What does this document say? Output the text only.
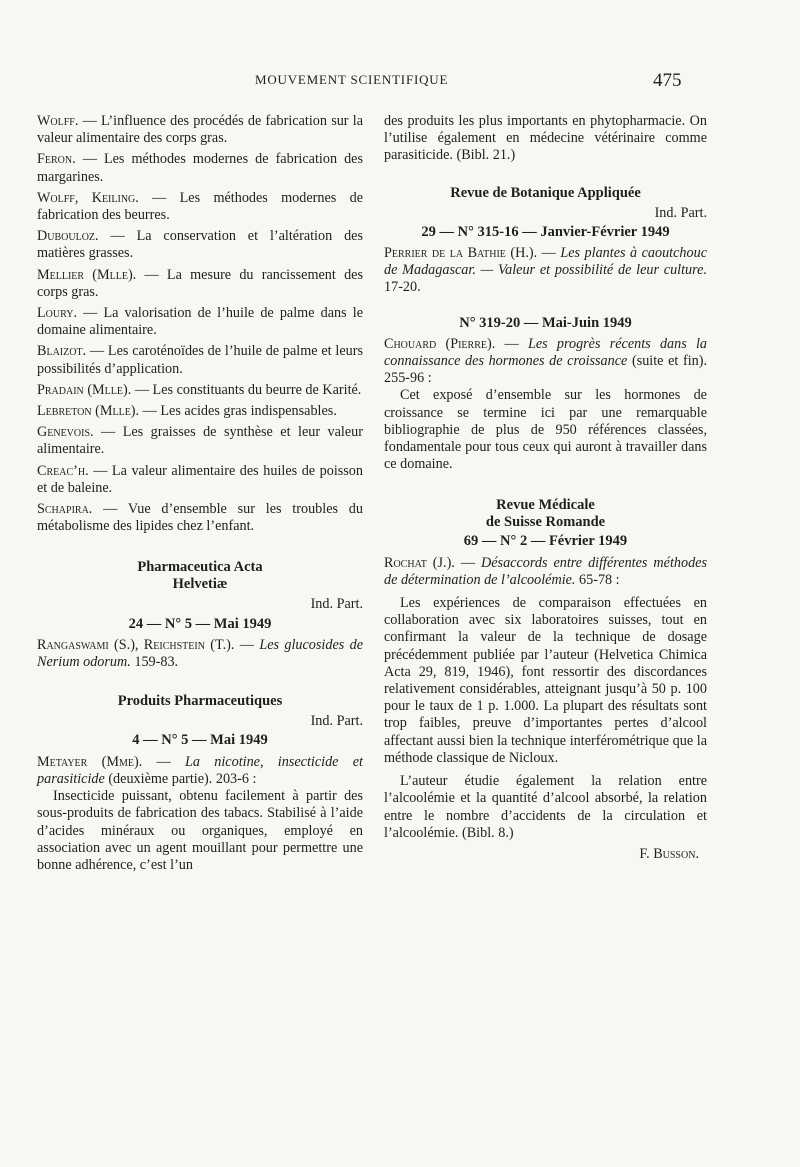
MOUVEMENT SCIENTIFIQUE	475

Wolff. — L’influence des procédés de fabrication sur la valeur alimentaire des corps gras.

Feron. — Les méthodes modernes de fabrication des margarines.

Wolff, Keiling. — Les méthodes modernes de fabrication des beurres.

Dubouloz. — La conservation et l’altération des matières grasses.

Mellier (Mlle). — La mesure du rancissement des corps gras.

Loury. — La valorisation de l’huile de palme dans le domaine alimentaire.

Blaizot. — Les caroténoïdes de l’huile de palme et leurs possibilités d’application.

Pradain (Mlle). — Les constituants du beurre de Karité.

Lebreton (Mlle). — Les acides gras indispensables.

Genevois. — Les graisses de synthèse et leur valeur alimentaire.

Creac’h. — La valeur alimentaire des huiles de poisson et de baleine.

Schapira. — Vue d’ensemble sur les troubles du métabolisme des lipides chez l’enfant.

Pharmaceutica Acta

Helvetiæ

Ind. Part.

24 — N° 5 — Mai 1949

Rangaswami (S.), Reichstein (T.). — Les glucosides de Nerium odorum. 159-83.

Produits Pharmaceutiques

Ind. Part.

4 — N° 5 — Mai 1949

Metayer (Mme). — La nicotine, insecticide et parasiticide (deuxième partie). 203-6 :

Insecticide puissant, obtenu facilement à partir des sous-produits de fabrication des tabacs. Stabilisé à l’aide d’acides minéraux ou organiques, employé en association avec un agent mouillant pour permettre une bonne adhérence, c’est l’un

des produits les plus importants en phytopharmacie. On l’utilise également en médecine vétérinaire comme parasiticide. (Bibl. 21.)

Revue de Botanique Appliquée

Ind. Part.

29 — N° 315-16 — Janvier-Février 1949

Perrier de la Bathie (H.). — Les plantes à caoutchouc de Madagascar. — Valeur et possibilité de leur culture. 17-20.

N° 319-20 — Mai-Juin 1949

Chouard (Pierre). — Les progrès récents dans la connaissance des hormones de croissance (suite et fin). 255-96 :

Cet exposé d’ensemble sur les hormones de croissance se termine ici par une remarquable bibliographie de plus de 950 références classées, fondamentale pour tous ceux qui auront à travailler dans ce domaine.

Revue Médicale

de Suisse Romande

69 — N° 2 — Février 1949

Rochat (J.). — Désaccords entre différentes méthodes de détermination de l’alcoolémie. 65-78 :

Les expériences de comparaison effectuées en collaboration avec six laboratoires suisses, tout en confirmant la valeur de la technique de dosage précédemment publiée par l’auteur (Helvetica Chimica Acta 29, 819, 1946), font ressortir des discordances relativement considérables, atteignant jusqu’à 50 p. 100 pour le taux de 1 p. 1.000. La plupart des résultats sont trop faibles, preuve d’importantes pertes d’alcool affectant aussi bien la technique interférométrique que la méthode classique de Nicloux.

L’auteur étudie également la relation entre l’alcoolémie et la quantité d’alcool absorbé, la relation entre le nombre d’accidents de la circulation et l’alcoolémie. (Bibl. 8.)

F. Busson.
